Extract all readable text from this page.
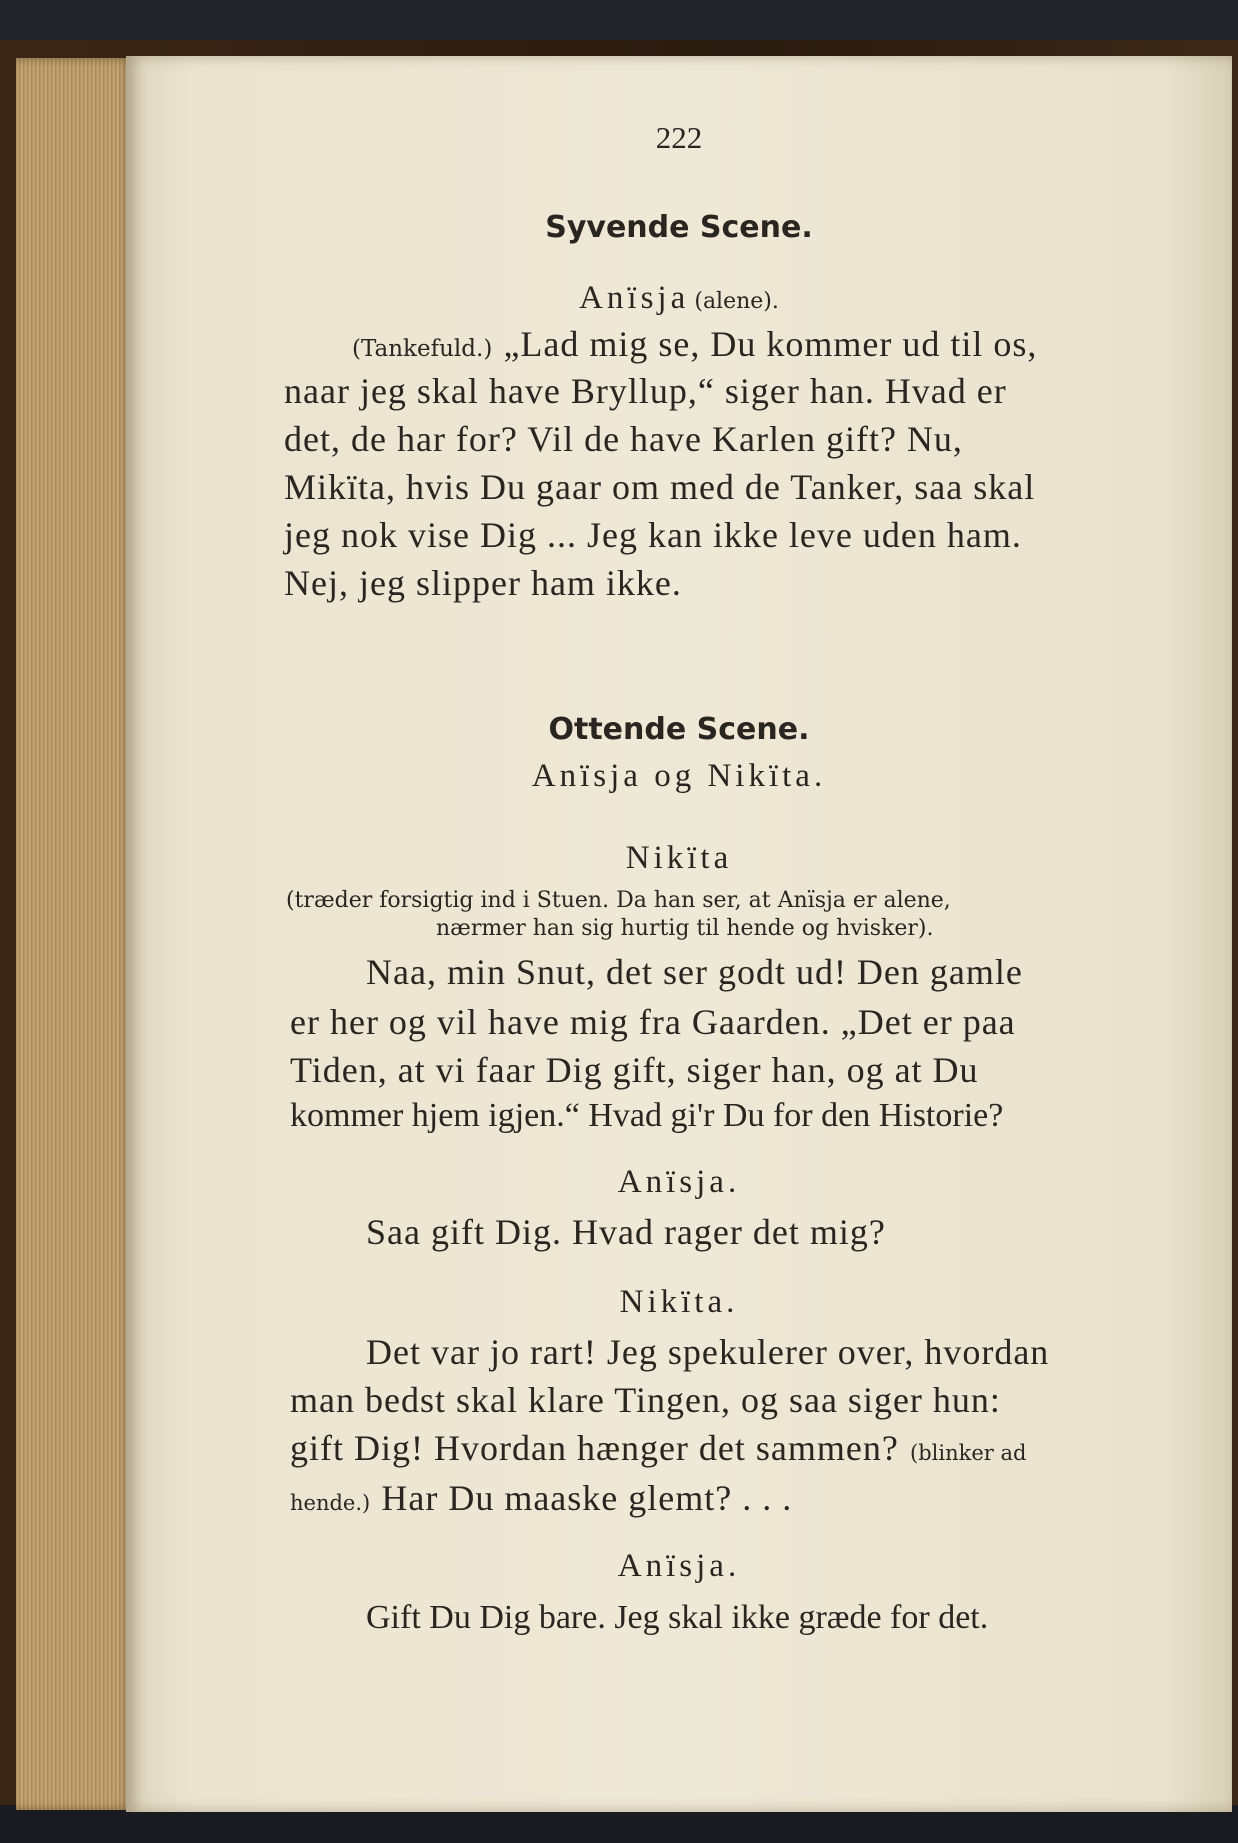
222
Syvende Scene.
Anïsja (alene).
(Tankefuld.) „Lad mig se, Du kommer ud til os,
naar jeg skal have Bryllup,“ siger han. Hvad er
det, de har for? Vil de have Karlen gift? Nu,
Mikïta, hvis Du gaar om med de Tanker, saa skal
jeg nok vise Dig ... Jeg kan ikke leve uden ham.
Nej, jeg slipper ham ikke.
Ottende Scene.
Anïsja og Nikïta.
Nikïta
(træder forsigtig ind i Stuen. Da han ser, at Anïsja er alene,
nærmer han sig hurtig til hende og hvisker).
Naa, min Snut, det ser godt ud! Den gamle
er her og vil have mig fra Gaarden. „Det er paa
Tiden, at vi faar Dig gift, siger han, og at Du
kommer hjem igjen.“ Hvad gi'r Du for den Historie?
Anïsja.
Saa gift Dig. Hvad rager det mig?
Nikïta.
Det var jo rart! Jeg spekulerer over, hvordan
man bedst skal klare Tingen, og saa siger hun:
gift Dig! Hvordan hænger det sammen? (blinker ad
hende.) Har Du maaske glemt? . . .
Anïsja.
Gift Du Dig bare. Jeg skal ikke græde for det.
